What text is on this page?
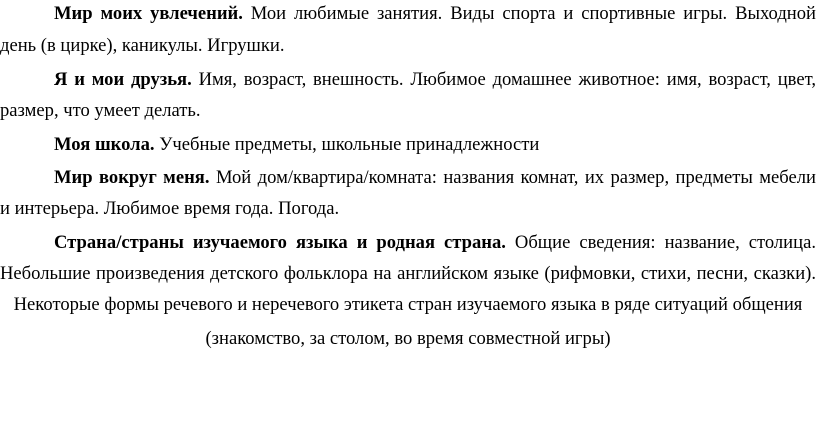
Мир моих увлечений. Мои любимые занятия. Виды спорта и спортивные игры. Выходной
день (в цирке), каникулы. Игрушки.
Я и мои друзья. Имя, возраст, внешность. Любимое домашнее животное: имя, возраст, цвет,
размер, что умеет делать.
Моя школа. Учебные предметы, школьные принадлежности
Мир вокруг меня. Мой дом/квартира/комната: названия комнат, их размер, предметы мебели
и интерьера. Любимое время года. Погода.
Страна/страны изучаемого языка и родная страна. Общие сведения: название, столица.
Небольшие произведения детского фольклора на английском языке (рифмовки, стихи, песни, сказки).
Некоторые формы речевого и неречевого этикета стран изучаемого языка в ряде ситуаций общения
(знакомство, за столом, во время совместной игры)
